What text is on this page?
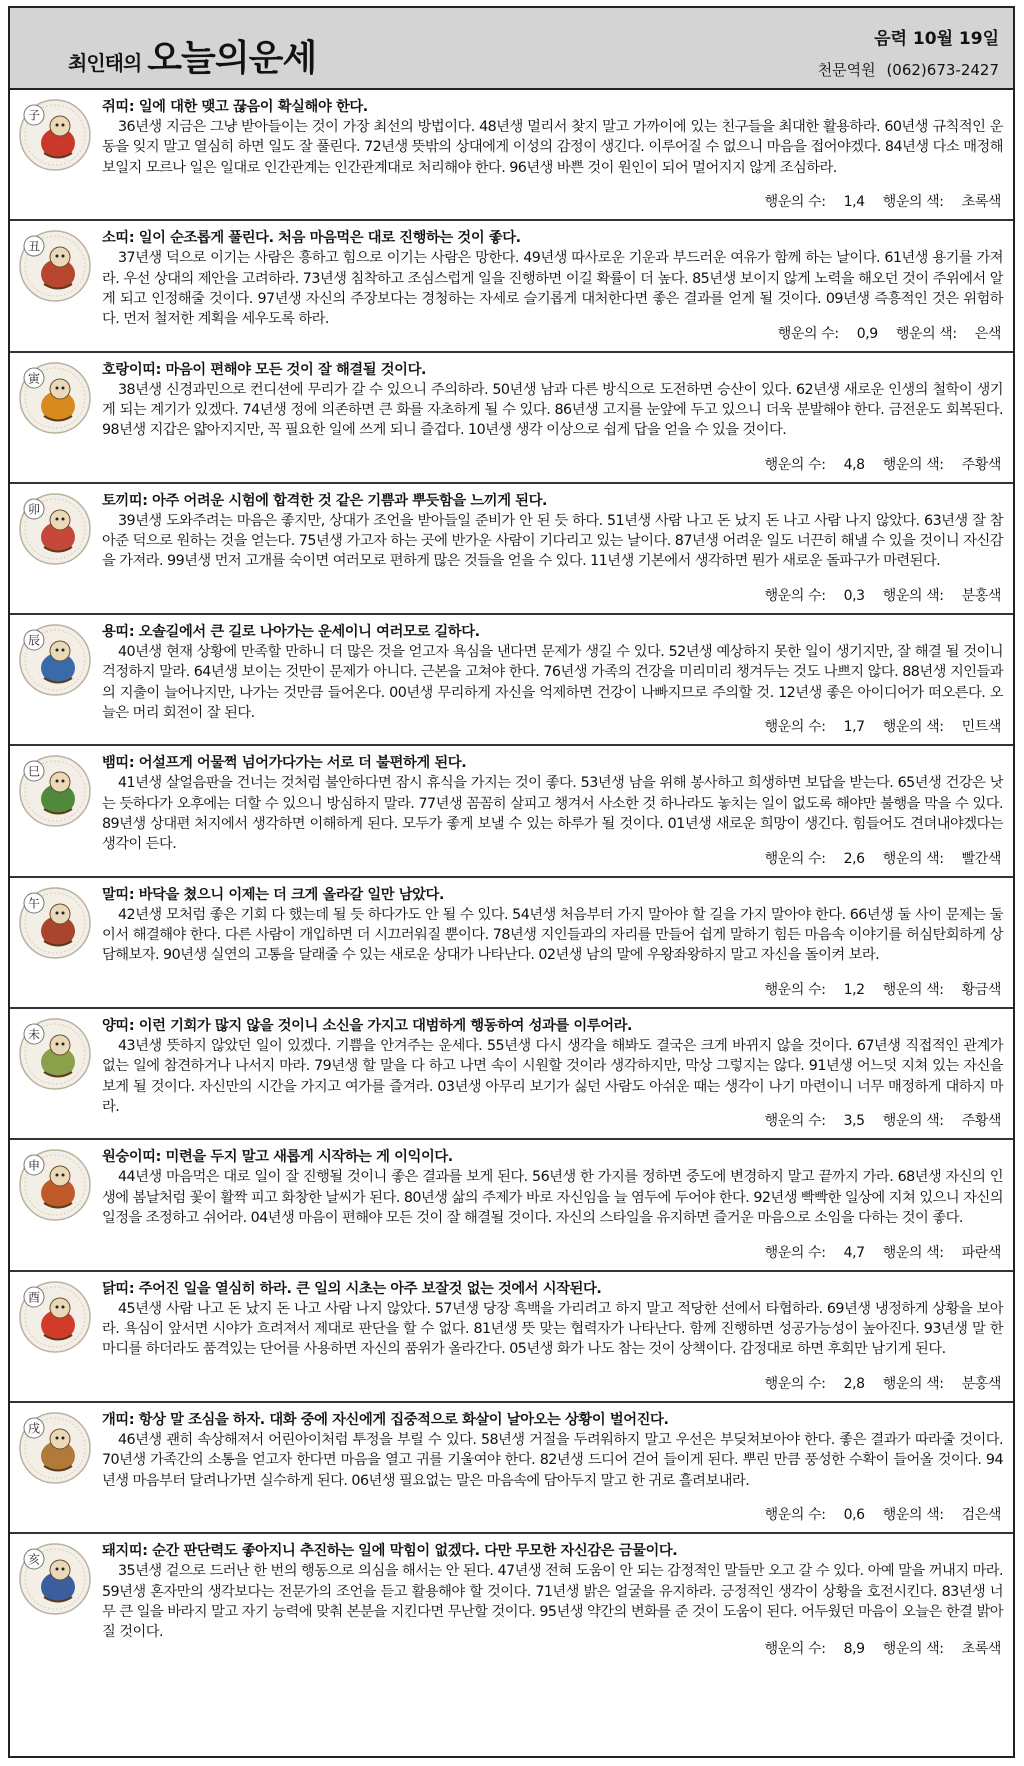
최인태의 오늘의운세	음력 10월 19일
천문역원 (062)673-2427
子
쥐띠: 일에 대한 맺고 끊음이 확실해야 한다.
36년생 지금은 그냥 받아들이는 것이 가장 최선의 방법이다. 48년생 멀리서 찾지 말고 가까이에 있는 친구들을 최대한 활용하라. 60년생 규칙적인 운동을 잊지 말고 열심히 하면 일도 잘 풀린다. 72년생 뜻밖의 상대에게 이성의 감정이 생긴다. 이루어질 수 없으니 마음을 접어야겠다. 84년생 다소 매정해 보일지 모르나 일은 일대로 인간관계는 인간관계대로 처리해야 한다. 96년생 바쁜 것이 원인이 되어 멀어지지 않게 조심하라.
행운의 수: 1,4 행운의 색: 초록색
丑
소띠: 일이 순조롭게 풀린다. 처음 마음먹은 대로 진행하는 것이 좋다.
37년생 덕으로 이기는 사람은 흥하고 힘으로 이기는 사람은 망한다. 49년생 따사로운 기운과 부드러운 여유가 함께 하는 날이다. 61년생 용기를 가져라. 우선 상대의 제안을 고려하라. 73년생 침착하고 조심스럽게 일을 진행하면 이길 확률이 더 높다. 85년생 보이지 않게 노력을 해오던 것이 주위에서 알게 되고 인정해줄 것이다. 97년생 자신의 주장보다는 경청하는 자세로 슬기롭게 대처한다면 좋은 결과를 얻게 될 것이다. 09년생 즉흥적인 것은 위험하다. 먼저 철저한 계획을 세우도록 하라.
행운의 수: 0,9 행운의 색: 은색
寅
호랑이띠: 마음이 편해야 모든 것이 잘 해결될 것이다.
38년생 신경과민으로 컨디션에 무리가 갈 수 있으니 주의하라. 50년생 남과 다른 방식으로 도전하면 승산이 있다. 62년생 새로운 인생의 철학이 생기게 되는 계기가 있겠다. 74년생 정에 의존하면 큰 화를 자초하게 될 수 있다. 86년생 고지를 눈앞에 두고 있으니 더욱 분발해야 한다. 금전운도 회복된다. 98년생 지갑은 얇아지지만, 꼭 필요한 일에 쓰게 되니 즐겁다. 10년생 생각 이상으로 쉽게 답을 얻을 수 있을 것이다.
행운의 수: 4,8 행운의 색: 주황색
卯
토끼띠: 아주 어려운 시험에 합격한 것 같은 기쁨과 뿌듯함을 느끼게 된다.
39년생 도와주려는 마음은 좋지만, 상대가 조언을 받아들일 준비가 안 된 듯 하다. 51년생 사람 나고 돈 났지 돈 나고 사람 나지 않았다. 63년생 잘 참아준 덕으로 원하는 것을 얻는다. 75년생 가고자 하는 곳에 반가운 사람이 기다리고 있는 날이다. 87년생 어려운 일도 너끈히 해낼 수 있을 것이니 자신감을 가져라. 99년생 먼저 고개를 숙이면 여러모로 편하게 많은 것들을 얻을 수 있다. 11년생 기본에서 생각하면 뭔가 새로운 돌파구가 마련된다.
행운의 수: 0,3 행운의 색: 분홍색
辰
용띠: 오솔길에서 큰 길로 나아가는 운세이니 여러모로 길하다.
40년생 현재 상황에 만족할 만하니 더 많은 것을 얻고자 욕심을 낸다면 문제가 생길 수 있다. 52년생 예상하지 못한 일이 생기지만, 잘 해결 될 것이니 걱정하지 말라. 64년생 보이는 것만이 문제가 아니다. 근본을 고쳐야 한다. 76년생 가족의 건강을 미리미리 챙겨두는 것도 나쁘지 않다. 88년생 지인들과의 지출이 늘어나지만, 나가는 것만큼 들어온다. 00년생 무리하게 자신을 억제하면 건강이 나빠지므로 주의할 것. 12년생 좋은 아이디어가 떠오른다. 오늘은 머리 회전이 잘 된다.
행운의 수: 1,7 행운의 색: 민트색
巳
뱀띠: 어설프게 어물쩍 넘어가다가는 서로 더 불편하게 된다.
41년생 살얼음판을 건너는 것처럼 불안하다면 잠시 휴식을 가지는 것이 좋다. 53년생 남을 위해 봉사하고 희생하면 보답을 받는다. 65년생 건강은 낫는 듯하다가 오후에는 더할 수 있으니 방심하지 말라. 77년생 꼼꼼히 살피고 챙겨서 사소한 것 하나라도 놓치는 일이 없도록 해야만 불행을 막을 수 있다. 89년생 상대편 처지에서 생각하면 이해하게 된다. 모두가 좋게 보낼 수 있는 하루가 될 것이다. 01년생 새로운 희망이 생긴다. 힘들어도 견뎌내야겠다는 생각이 든다.
행운의 수: 2,6 행운의 색: 빨간색
午
말띠: 바닥을 쳤으니 이제는 더 크게 올라갈 일만 남았다.
42년생 모처럼 좋은 기회 다 했는데 될 듯 하다가도 안 될 수 있다. 54년생 처음부터 가지 말아야 할 길을 가지 말아야 한다. 66년생 둘 사이 문제는 둘이서 해결해야 한다. 다른 사람이 개입하면 더 시끄러워질 뿐이다. 78년생 지인들과의 자리를 만들어 쉽게 말하기 힘든 마음속 이야기를 허심탄회하게 상담해보자. 90년생 실연의 고통을 달래줄 수 있는 새로운 상대가 나타난다. 02년생 남의 말에 우왕좌왕하지 말고 자신을 돌이켜 보라.
행운의 수: 1,2 행운의 색: 황금색
未
양띠: 이런 기회가 많지 않을 것이니 소신을 가지고 대범하게 행동하여 성과를 이루어라.
43년생 뜻하지 않았던 일이 있겠다. 기쁨을 안겨주는 운세다. 55년생 다시 생각을 해봐도 결국은 크게 바뀌지 않을 것이다. 67년생 직접적인 관계가 없는 일에 참견하거나 나서지 마라. 79년생 할 말을 다 하고 나면 속이 시원할 것이라 생각하지만, 막상 그렇지는 않다. 91년생 어느덧 지쳐 있는 자신을 보게 될 것이다. 자신만의 시간을 가지고 여가를 즐겨라. 03년생 아무리 보기가 싫던 사람도 아쉬운 때는 생각이 나기 마련이니 너무 매정하게 대하지 마라.
행운의 수: 3,5 행운의 색: 주황색
申
원숭이띠: 미련을 두지 말고 새롭게 시작하는 게 이익이다.
44년생 마음먹은 대로 일이 잘 진행될 것이니 좋은 결과를 보게 된다. 56년생 한 가지를 정하면 중도에 변경하지 말고 끝까지 가라. 68년생 자신의 인생에 봄날처럼 꽃이 활짝 피고 화창한 날씨가 된다. 80년생 삶의 주제가 바로 자신임을 늘 염두에 두어야 한다. 92년생 빡빡한 일상에 지쳐 있으니 자신의 일정을 조정하고 쉬어라. 04년생 마음이 편해야 모든 것이 잘 해결될 것이다. 자신의 스타일을 유지하면 즐거운 마음으로 소임을 다하는 것이 좋다.
행운의 수: 4,7 행운의 색: 파란색
酉
닭띠: 주어진 일을 열심히 하라. 큰 일의 시초는 아주 보잘것 없는 것에서 시작된다.
45년생 사람 나고 돈 났지 돈 나고 사람 나지 않았다. 57년생 당장 흑백을 가리려고 하지 말고 적당한 선에서 타협하라. 69년생 냉정하게 상황을 보아라. 욕심이 앞서면 시야가 흐려져서 제대로 판단을 할 수 없다. 81년생 뜻 맞는 협력자가 나타난다. 함께 진행하면 성공가능성이 높아진다. 93년생 말 한마디를 하더라도 품격있는 단어를 사용하면 자신의 품위가 올라간다. 05년생 화가 나도 참는 것이 상책이다. 감정대로 하면 후회만 남기게 된다.
행운의 수: 2,8 행운의 색: 분홍색
戌
개띠: 항상 말 조심을 하자. 대화 중에 자신에게 집중적으로 화살이 날아오는 상황이 벌어진다.
46년생 괜히 속상해져서 어린아이처럼 투정을 부릴 수 있다. 58년생 거절을 두려워하지 말고 우선은 부딪쳐보아야 한다. 좋은 결과가 따라줄 것이다. 70년생 가족간의 소통을 얻고자 한다면 마음을 열고 귀를 기울여야 한다. 82년생 드디어 걷어 들이게 된다. 뿌린 만큼 풍성한 수확이 들어올 것이다. 94년생 마음부터 달려나가면 실수하게 된다. 06년생 필요없는 말은 마음속에 담아두지 말고 한 귀로 흘려보내라.
행운의 수: 0,6 행운의 색: 검은색
亥
돼지띠: 순간 판단력도 좋아지니 추진하는 일에 막힘이 없겠다. 다만 무모한 자신감은 금물이다.
35년생 겉으로 드러난 한 번의 행동으로 의심을 해서는 안 된다. 47년생 전혀 도움이 안 되는 감정적인 말들만 오고 갈 수 있다. 아예 말을 꺼내지 마라. 59년생 혼자만의 생각보다는 전문가의 조언을 듣고 활용해야 할 것이다. 71년생 밝은 얼굴을 유지하라. 긍정적인 생각이 상황을 호전시킨다. 83년생 너무 큰 일을 바라지 말고 자기 능력에 맞춰 본분을 지킨다면 무난할 것이다. 95년생 약간의 변화를 준 것이 도움이 된다. 어두웠던 마음이 오늘은 한결 밝아질 것이다.
행운의 수: 8,9 행운의 색: 초록색
